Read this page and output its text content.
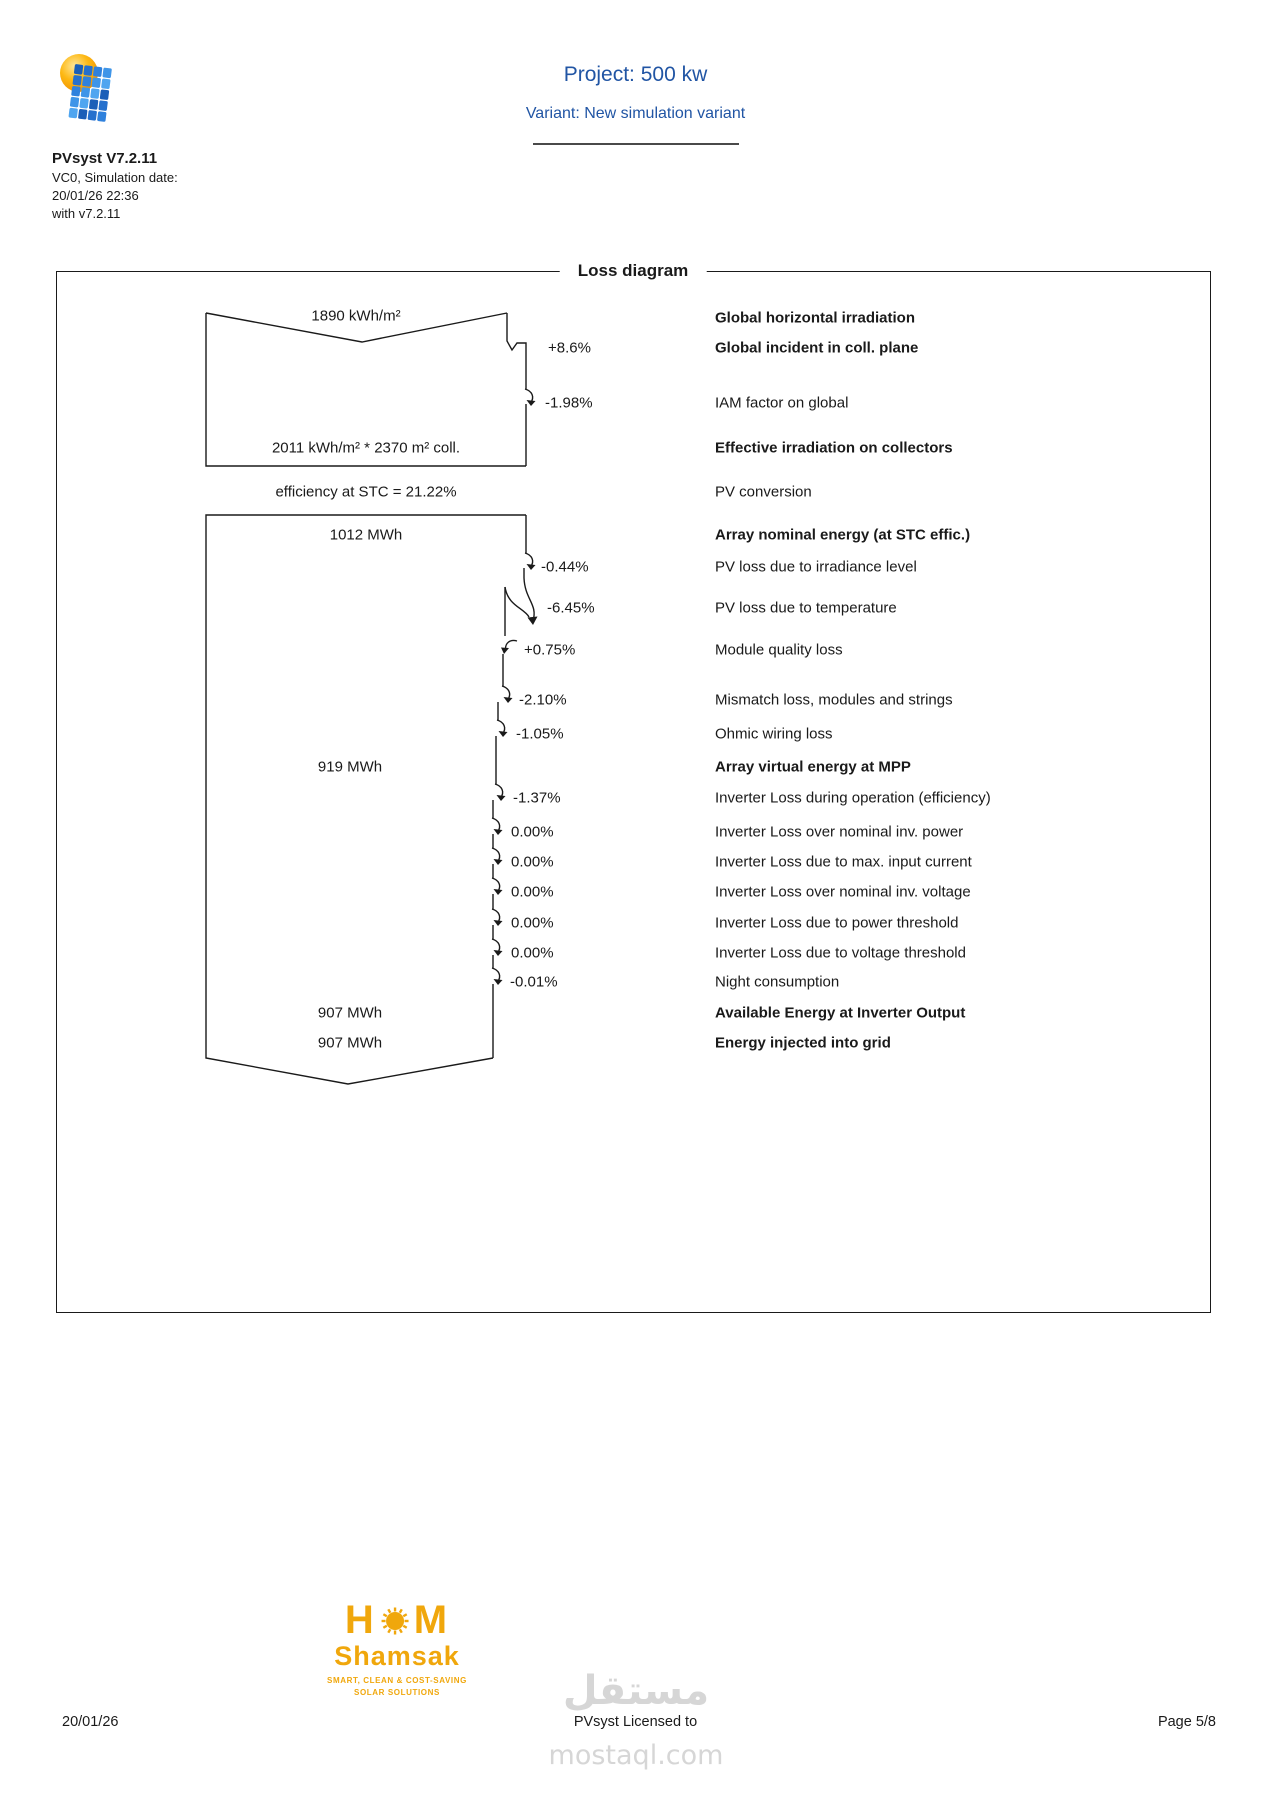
Project: 500 kw
Variant: New simulation variant
PVsyst V7.2.11
VC0, Simulation date:
20/01/26 22:36
with v7.2.11
Loss diagram
1890 kWh/m²
2011 kWh/m² * 2370 m² coll.
efficiency at STC = 21.22%
1012 MWh
919 MWh
907 MWh
907 MWh
Global horizontal irradiation
+8.6%	Global incident in coll. plane
-1.98%	IAM factor on global
Effective irradiation on collectors
PV conversion
Array nominal energy (at STC effic.)
-0.44%	PV loss due to irradiance level
-6.45%	PV loss due to temperature
+0.75%	Module quality loss
-2.10%	Mismatch loss, modules and strings
-1.05%	Ohmic wiring loss
Array virtual energy at MPP
-1.37%	Inverter Loss during operation (efficiency)
0.00%	Inverter Loss over nominal inv. power
0.00%	Inverter Loss due to max. input current
0.00%	Inverter Loss over nominal inv. voltage
0.00%	Inverter Loss due to power threshold
0.00%	Inverter Loss due to voltage threshold
-0.01%	Night consumption
Available Energy at Inverter Output
Energy injected into grid
H M
Shamsak
SMART, CLEAN & COST-SAVING
SOLAR SOLUTIONS	مستقل
mostaql.com
20/01/26	PVsyst Licensed to	Page 5/8
